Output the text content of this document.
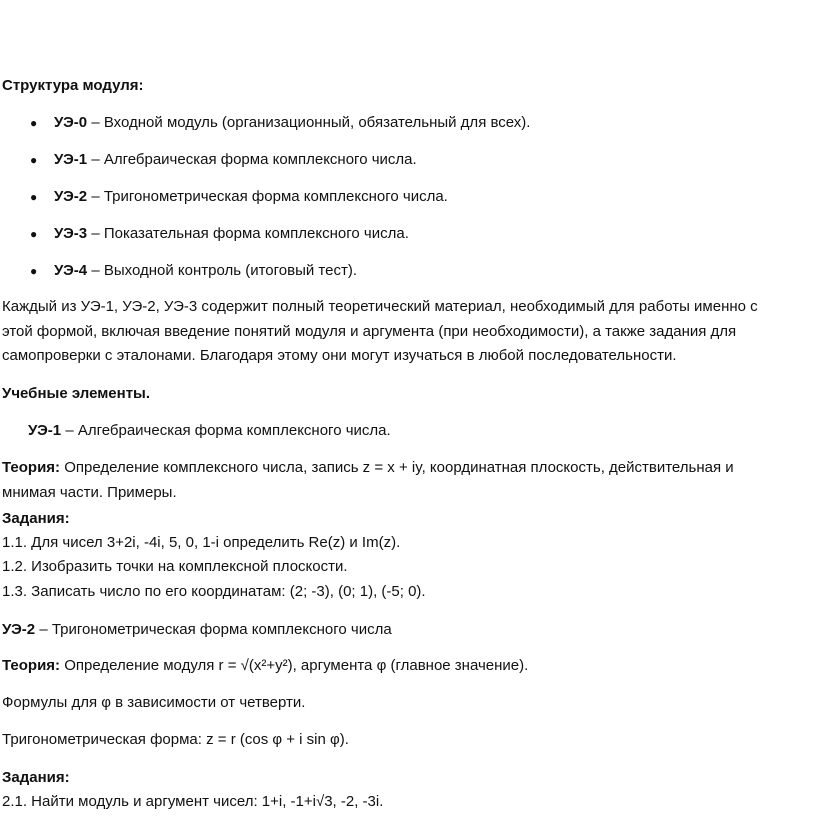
Структура модуля:
● УЭ-0 – Входной модуль (организационный, обязательный для всех).
● УЭ-1 – Алгебраическая форма комплексного числа.
● УЭ-2 – Тригонометрическая форма комплексного числа.
● УЭ-3 – Показательная форма комплексного числа.
● УЭ-4 – Выходной контроль (итоговый тест).
Каждый из УЭ-1, УЭ-2, УЭ-3 содержит полный теоретический материал, необходимый для работы именно с
этой формой, включая введение понятий модуля и аргумента (при необходимости), а также задания для
самопроверки с эталонами. Благодаря этому они могут изучаться в любой последовательности.
Учебные элементы.
УЭ-1 – Алгебраическая форма комплексного числа.
Теория: Определение комплексного числа, запись z = x + iy, координатная плоскость, действительная и
мнимая части. Примеры.
Задания:
1.1. Для чисел 3+2i, -4i, 5, 0, 1-i определить Re(z) и Im(z).
1.2. Изобразить точки на комплексной плоскости.
1.3. Записать число по его координатам: (2; -3), (0; 1), (-5; 0).
УЭ-2 – Тригонометрическая форма комплексного числа
Теория: Определение модуля r = √(x²+y²), аргумента φ (главное значение).
Формулы для φ в зависимости от четверти.
Тригонометрическая форма: z = r (cos φ + i sin φ).
Задания:
2.1. Найти модуль и аргумент чисел: 1+i, -1+i√3, -2, -3i.
